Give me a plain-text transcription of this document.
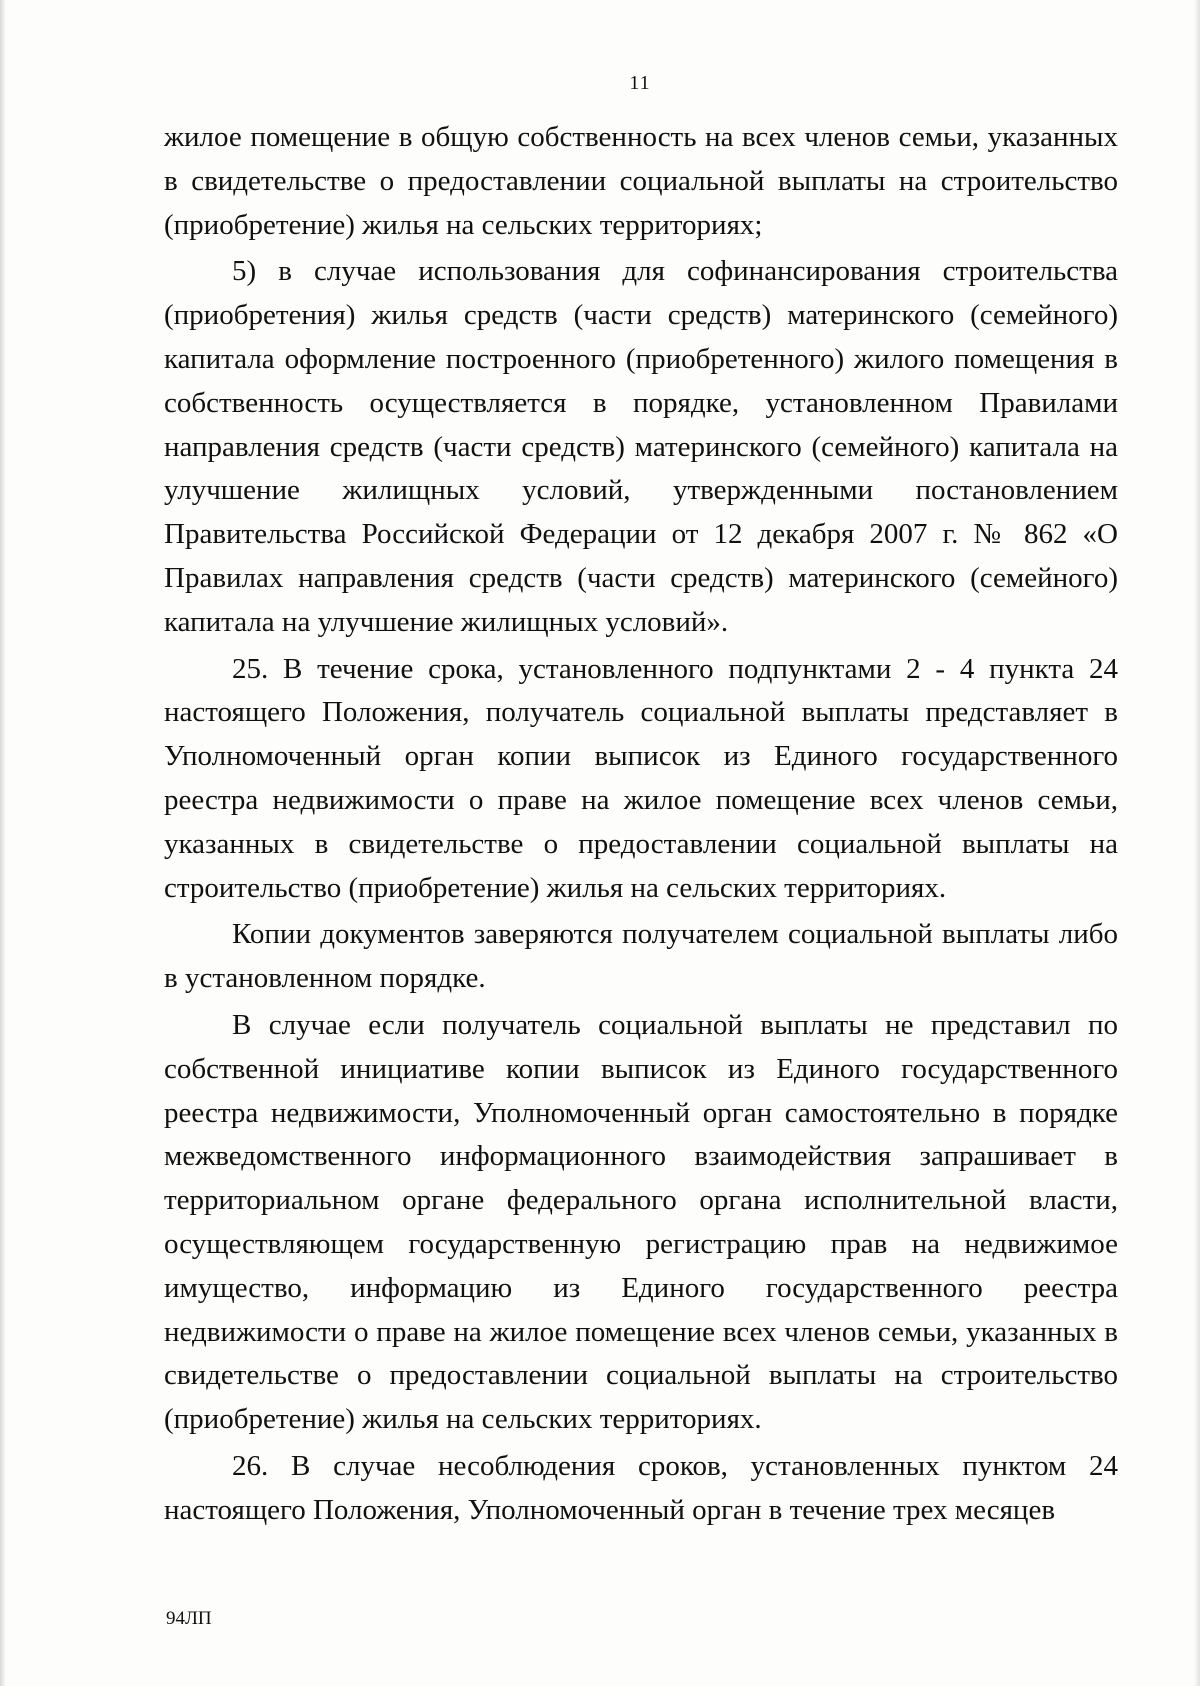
11

жилое помещение в общую собственность на всех членов семьи, указанных в свидетельстве о предоставлении социальной выплаты на строительство (приобретение) жилья на сельских территориях;

5) в случае использования для софинансирования строительства (приобретения) жилья средств (части средств) материнского (семейного) капитала оформление построенного (приобретенного) жилого помещения в собственность осуществляется в порядке, установленном Правилами направления средств (части средств) материнского (семейного) капитала на улучшение жилищных условий, утвержденными постановлением Правительства Российской Федерации от 12 декабря 2007 г. № 862 «О Правилах направления средств (части средств) материнского (семейного) капитала на улучшение жилищных условий».

25. В течение срока, установленного подпунктами 2 - 4 пункта 24 настоящего Положения, получатель социальной выплаты представляет в Уполномоченный орган копии выписок из Единого государственного реестра недвижимости о праве на жилое помещение всех членов семьи, указанных в свидетельстве о предоставлении социальной выплаты на строительство (приобретение) жилья на сельских территориях.

Копии документов заверяются получателем социальной выплаты либо в установленном порядке.

В случае если получатель социальной выплаты не представил по собственной инициативе копии выписок из Единого государственного реестра недвижимости, Уполномоченный орган самостоятельно в порядке межведомственного информационного взаимодействия запрашивает в территориальном органе федерального органа исполнительной власти, осуществляющем государственную регистрацию прав на недвижимое имущество, информацию из Единого государственного реестра недвижимости о праве на жилое помещение всех членов семьи, указанных в свидетельстве о предоставлении социальной выплаты на строительство (приобретение) жилья на сельских территориях.

26. В случае несоблюдения сроков, установленных пунктом 24 настоящего Положения, Уполномоченный орган в течение трех месяцев

94ЛП
